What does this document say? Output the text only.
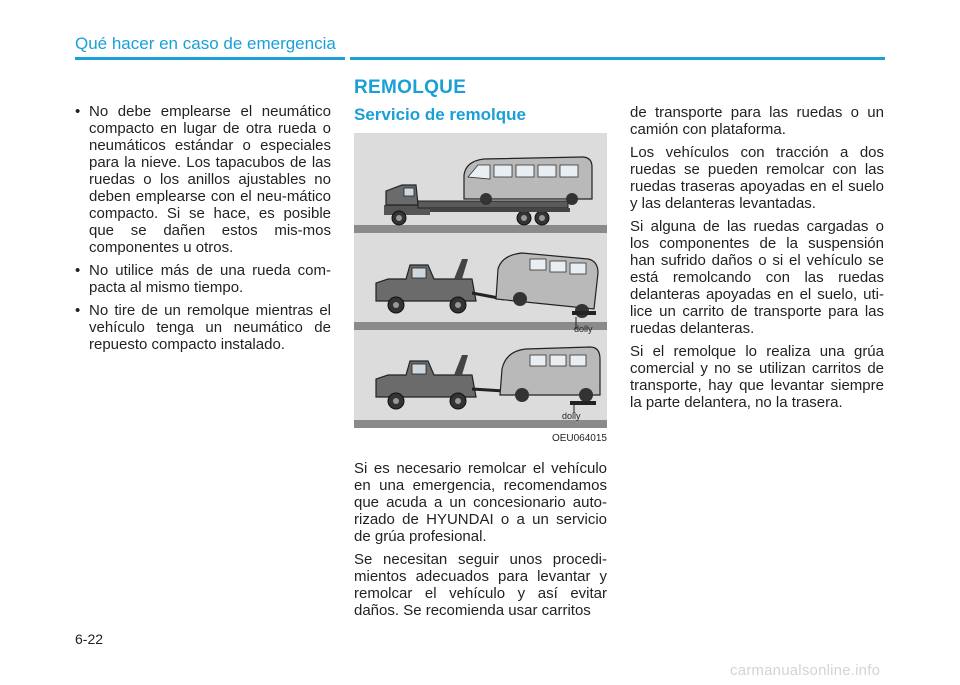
Qué hacer en caso de emergencia
• No debe emplearse el neumático compacto en lugar de otra rueda o neumáticos estándar o especiales para la nieve. Los tapacubos de las ruedas o los anillos ajustables no deben emplearse con el neu-mático compacto. Si se hace, es posible que se dañen estos mis-mos componentes u otros.
• No utilice más de una rueda com-pacta al mismo tiempo.
• No tire de un remolque mientras el vehículo tenga un neumático de repuesto compacto instalado.
REMOLQUE
Servicio de remolque
dolly
dolly
OEU064015

Si es necesario remolcar el vehículo en una emergencia, recomendamos que acuda a un concesionario auto-rizado de HYUNDAI o a un servicio de grúa profesional.

Se necesitan seguir unos procedi-mientos adecuados para levantar y remolcar el vehículo y así evitar daños. Se recomienda usar carritos

de transporte para las ruedas o un camión con plataforma.

Los vehículos con tracción a dos ruedas se pueden remolcar con las ruedas traseras apoyadas en el suelo y las delanteras levantadas.

Si alguna de las ruedas cargadas o los componentes de la suspensión han sufrido daños o si el vehículo se está remolcando con las ruedas delanteras apoyadas en el suelo, uti-lice un carrito de transporte para las ruedas delanteras.

Si el remolque lo realiza una grúa comercial y no se utilizan carritos de transporte, hay que levantar siempre la parte delantera, no la trasera.

6-22
carmanualsonline.info
